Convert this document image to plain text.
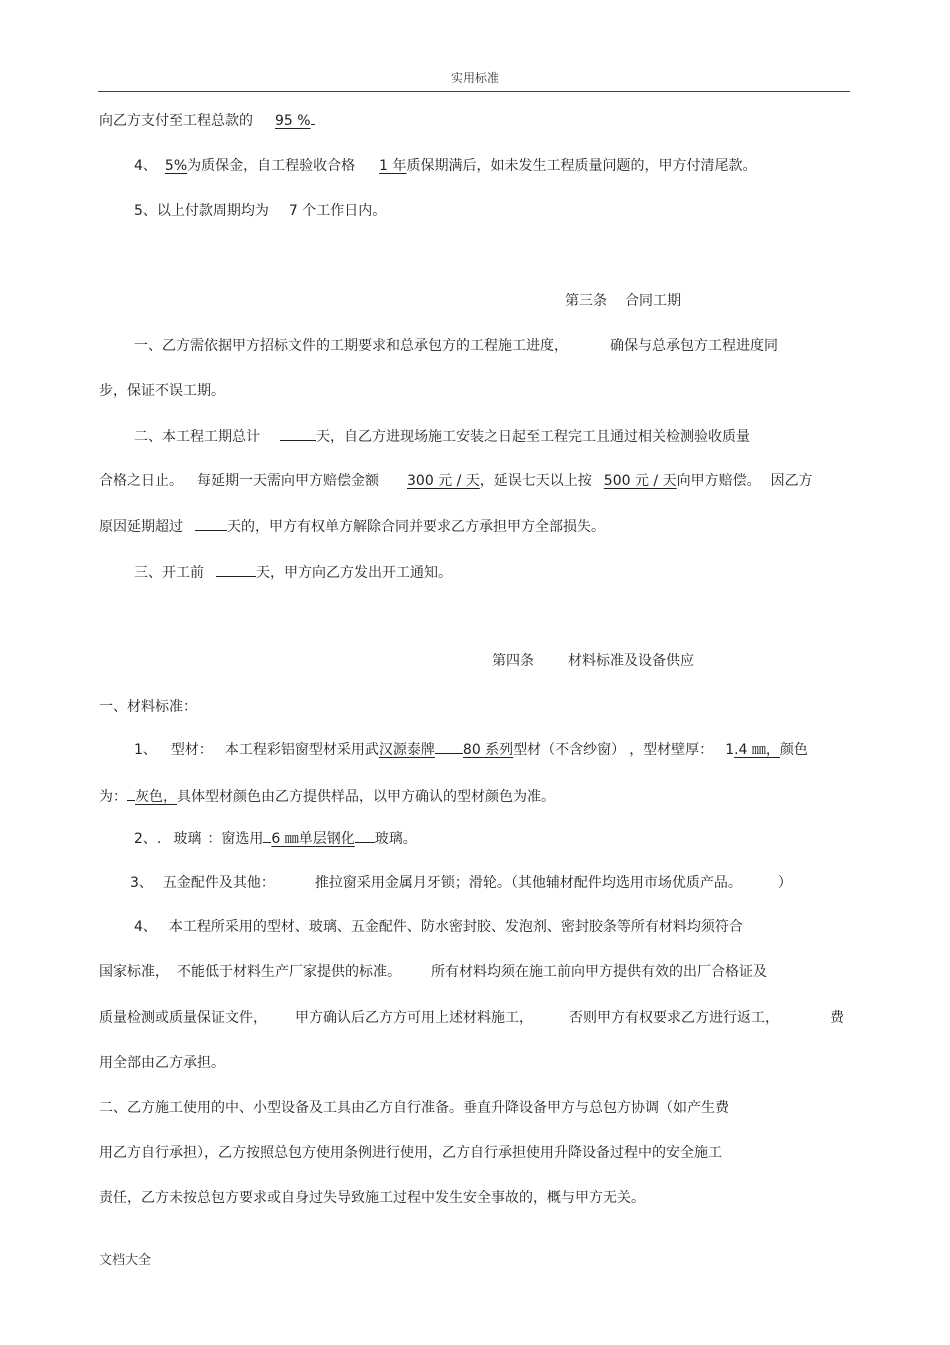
实用标准
向乙方支付至工程总款的 95 %
4、 5%为质保金，自工程验收合格 1 年质保期满后，如未发生工程质量问题的，甲方付清尾款。
5、以上付款周期均为 7 个工作日内。
第三条 合同工期
一、乙方需依据甲方招标文件的工期要求和总承包方的工程施工进度，	确保与总承包方工程进度同
步，保证不误工期。
二、本工程工期总计	天，自乙方进现场施工安装之日起至工程完工且通过相关检测验收质量
合格之日止。 每延期一天需向甲方赔偿金额 300 元 / 天，延误七天以上按 500 元 / 天向甲方赔偿。 因乙方
原因延期超过	天的，甲方有权单方解除合同并要求乙方承担甲方全部损失。
三、开工前	天，甲方向乙方发出开工通知。
第四条 材料标准及设备供应
一、材料标准：
1、 型材： 本工程彩铝窗型材采用武汉源泰牌 80 系列型材（不含纱窗） ，型材壁厚： 1.4 ㎜，颜色
为： 灰色，具体型材颜色由乙方提供样品，以甲方确认的型材颜色为准。
2、. 玻璃 ：窗选用 6 ㎜单层钢化 玻璃。
3、 五金配件及其他：	推拉窗采用金属月牙锁；滑轮。（其他辅材配件均选用市场优质产品。	）
4、 本工程所采用的型材、玻璃、五金配件、防水密封胶、发泡剂、密封胶条等所有材料均须符合
国家标准， 不能低于材料生产厂家提供的标准。 所有材料均须在施工前向甲方提供有效的出厂合格证及
质量检测或质量保证文件， 甲方确认后乙方方可用上述材料施工，	否则甲方有权要求乙方进行返工，	费
用全部由乙方承担。
二、乙方施工使用的中、小型设备及工具由乙方自行准备。垂直升降设备甲方与总包方协调（如产生费
用乙方自行承担），乙方按照总包方使用条例进行使用，乙方自行承担使用升降设备过程中的安全施工
责任，乙方未按总包方要求或自身过失导致施工过程中发生安全事故的，概与甲方无关。
文档大全
